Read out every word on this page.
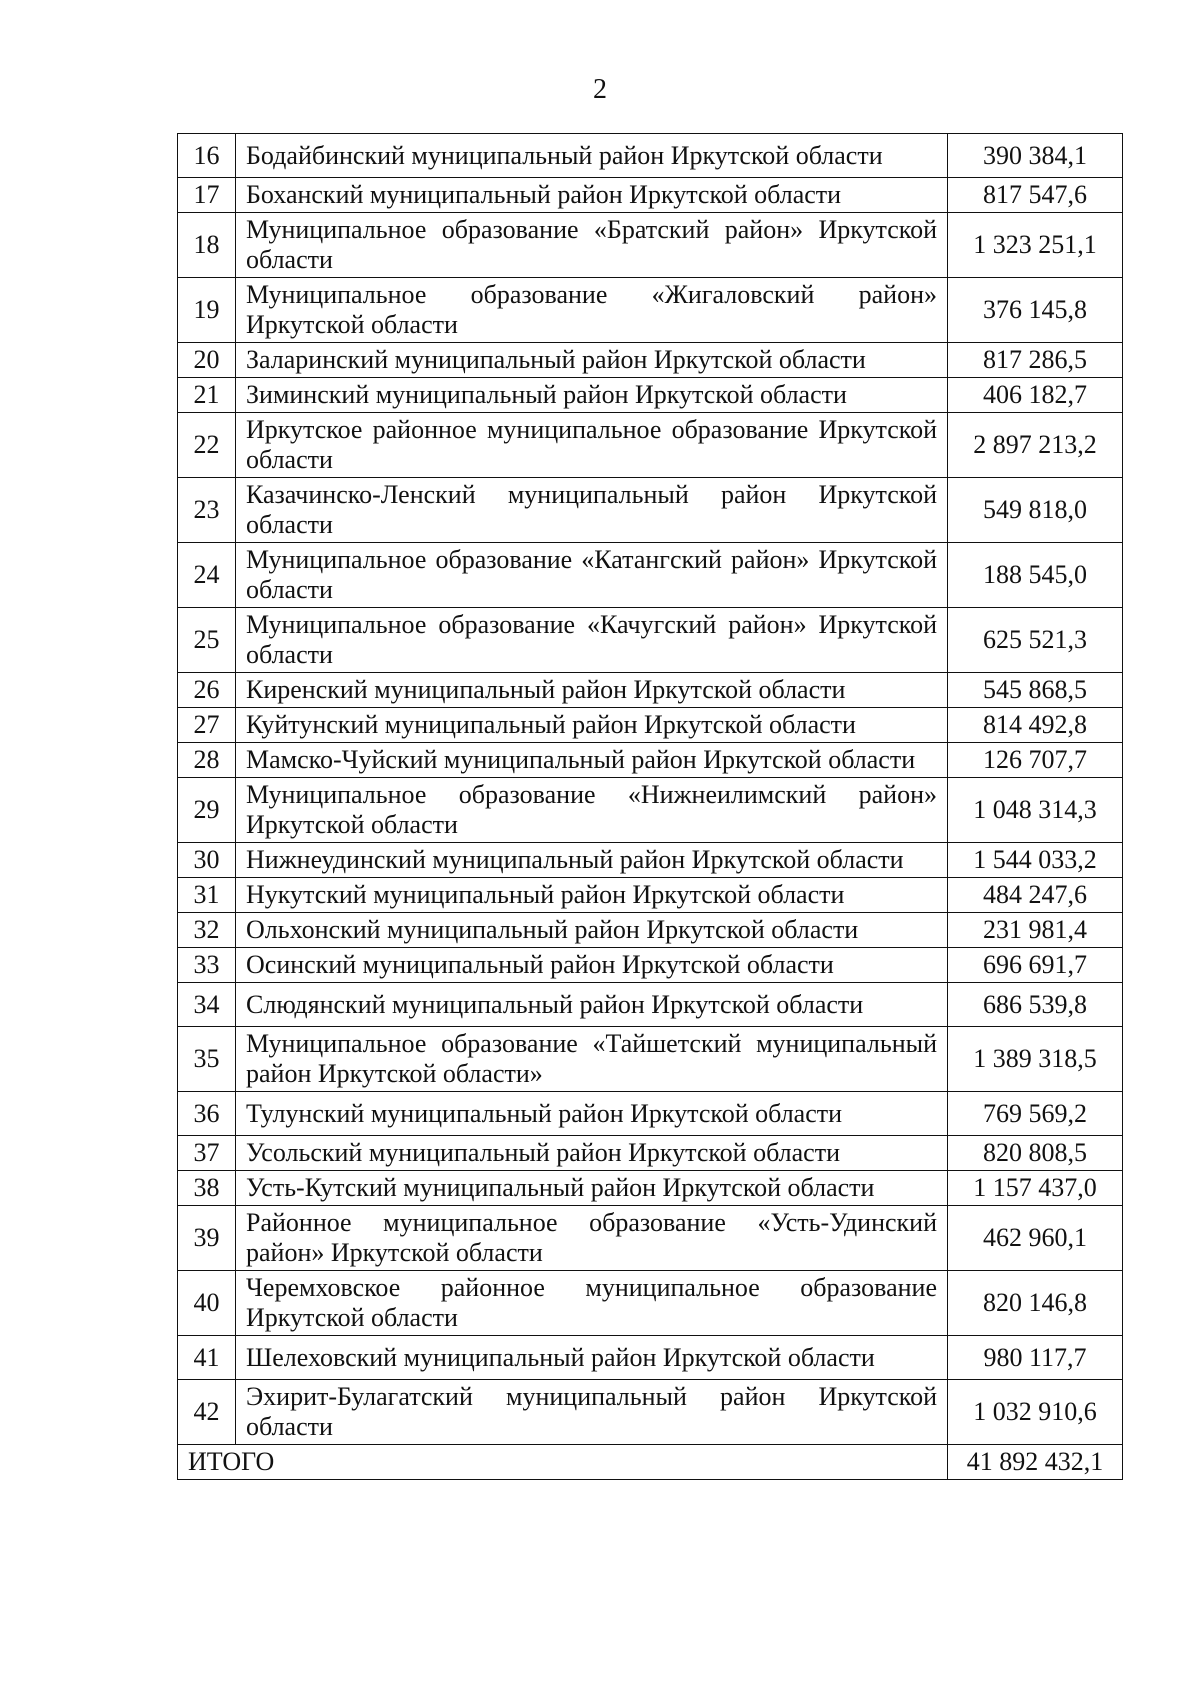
2
16	Бодайбинский муниципальный район Иркутской области	390 384,1
17	Боханский муниципальный район Иркутской области	817 547,6
18	Муниципальное образование «Братский район» Иркутской области	1 323 251,1
19	Муниципальное образование «Жигаловский район» Иркутской области	376 145,8
20	Заларинский муниципальный район Иркутской области	817 286,5
21	Зиминский муниципальный район Иркутской области	406 182,7
22	Иркутское районное муниципальное образование Иркутской области	2 897 213,2
23	Казачинско-Ленский муниципальный район Иркутской области	549 818,0
24	Муниципальное образование «Катангский район» Иркутской области	188 545,0
25	Муниципальное образование «Качугский район» Иркутской области	625 521,3
26	Киренский муниципальный район Иркутской области	545 868,5
27	Куйтунский муниципальный район Иркутской области	814 492,8
28	Мамско-Чуйский муниципальный район Иркутской области	126 707,7
29	Муниципальное образование «Нижнеилимский район» Иркутской области	1 048 314,3
30	Нижнеудинский муниципальный район Иркутской области	1 544 033,2
31	Нукутский муниципальный район Иркутской области	484 247,6
32	Ольхонский муниципальный район Иркутской области	231 981,4
33	Осинский муниципальный район Иркутской области	696 691,7
34	Слюдянский муниципальный район Иркутской области	686 539,8
35	Муниципальное образование «Тайшетский муниципальный район Иркутской области»	1 389 318,5
36	Тулунский муниципальный район Иркутской области	769 569,2
37	Усольский муниципальный район Иркутской области	820 808,5
38	Усть-Кутский муниципальный район Иркутской области	1 157 437,0
39	Районное муниципальное образование «Усть-Удинский район» Иркутской области	462 960,1
40	Черемховское районное муниципальное образование Иркутской области	820 146,8
41	Шелеховский муниципальный район Иркутской области	980 117,7
42	Эхирит-Булагатский муниципальный район Иркутской области	1 032 910,6
ИТОГО		41 892 432,1
